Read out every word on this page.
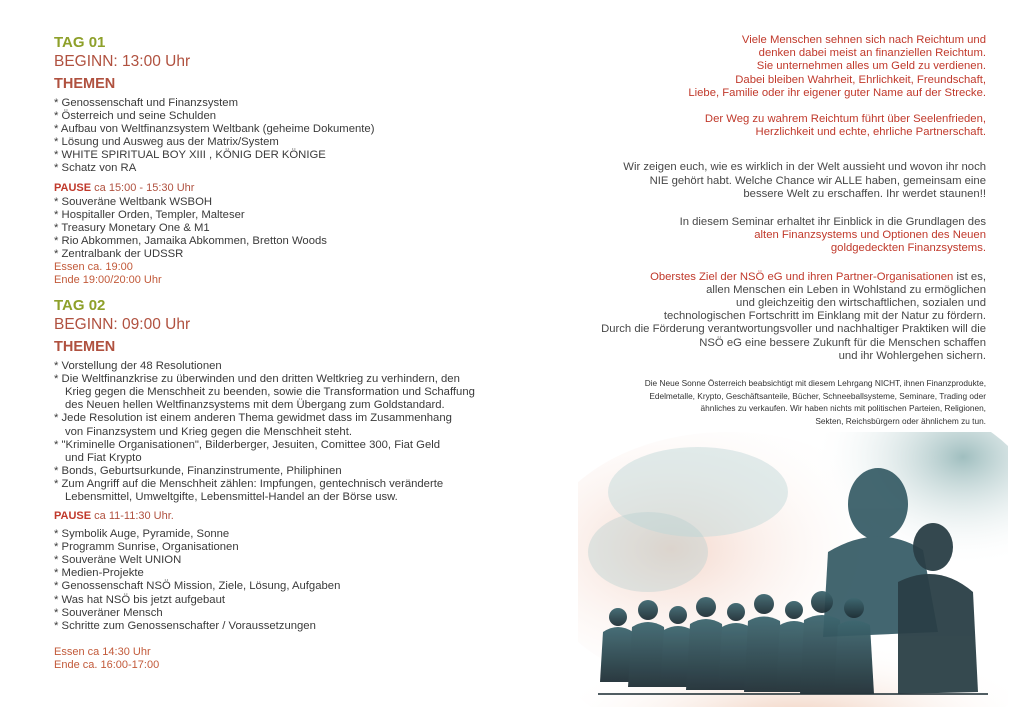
TAG 01

BEGINN: 13:00 Uhr

THEMEN

* Genossenschaft und Finanzsystem
* Österreich und seine Schulden
* Aufbau von Weltfinanzsystem Weltbank (geheime Dokumente)
* Lösung und Ausweg aus der Matrix/System
* WHITE SPIRITUAL BOY XIII , KÖNIG DER KÖNIGE
* Schatz von RA

PAUSE ca 15:00 - 15:30 Uhr

* Souveräne Weltbank WSBOH
* Hospitaller Orden, Templer, Malteser
* Treasury Monetary One & M1
* Rio Abkommen, Jamaika Abkommen, Bretton Woods
* Zentralbank der UDSSR

Essen ca. 19:00

Ende 19:00/20:00 Uhr

TAG 02

BEGINN: 09:00 Uhr

THEMEN

* Vorstellung der 48 Resolutionen
* Die Weltfinanzkrise zu überwinden und den dritten Weltkrieg zu verhindern, den
Krieg gegen die Menschheit zu beenden, sowie die Transformation und Schaffung
des Neuen hellen Weltfinanzsystems mit dem Übergang zum Goldstandard.
* Jede Resolution ist einem anderen Thema gewidmet dass im Zusammenhang
von Finanzsystem und Krieg gegen die Menschheit steht.
* "Kriminelle Organisationen", Bilderberger, Jesuiten, Comittee 300, Fiat Geld
und Fiat Krypto
* Bonds, Geburtsurkunde, Finanzinstrumente, Philiphinen
* Zum Angriff auf die Menschheit zählen: Impfungen, gentechnisch veränderte
Lebensmittel, Umweltgifte, Lebensmittel-Handel an der Börse usw.

PAUSE ca 11-11:30 Uhr.

* Symbolik Auge, Pyramide, Sonne
* Programm Sunrise, Organisationen
* Souveräne Welt UNION
* Medien-Projekte
* Genossenschaft NSÖ Mission, Ziele, Lösung, Aufgaben
* Was hat NSÖ bis jetzt aufgebaut
* Souveräner Mensch
* Schritte zum Genossenschafter / Voraussetzungen

Essen ca 14:30 Uhr

Ende ca. 16:00-17:00

Viele Menschen sehnen sich nach Reichtum und
denken dabei meist an finanziellen Reichtum.
Sie unternehmen alles um Geld zu verdienen.
Dabei bleiben Wahrheit, Ehrlichkeit, Freundschaft,
Liebe, Familie oder ihr eigener guter Name auf der Strecke.

Der Weg zu wahrem Reichtum führt über Seelenfrieden,
Herzlichkeit und echte, ehrliche Partnerschaft.

Wir zeigen euch, wie es wirklich in der Welt aussieht und wovon ihr noch
NIE gehört habt. Welche Chance wir ALLE haben, gemeinsam eine
bessere Welt zu erschaffen. Ihr werdet staunen!!

In diesem Seminar erhaltet ihr Einblick in die Grundlagen des
alten Finanzsystems und Optionen des Neuen
goldgedeckten Finanzsystems.

Oberstes Ziel der NSÖ eG und ihren Partner-Organisationen ist es,
allen Menschen ein Leben in Wohlstand zu ermöglichen
und gleichzeitig den wirtschaftlichen, sozialen und
technologischen Fortschritt im Einklang mit der Natur zu fördern.
Durch die Förderung verantwortungsvoller und nachhaltiger Praktiken will die
NSÖ eG eine bessere Zukunft für die Menschen schaffen
und ihr Wohlergehen sichern.

Die Neue Sonne Österreich beabsichtigt mit diesem Lehrgang NICHT, ihnen Finanzprodukte,
Edelmetalle, Krypto, Geschäftsanteile, Bücher, Schneeballsysteme, Seminare, Trading oder
ähnliches zu verkaufen. Wir haben nichts mit politischen Parteien, Religionen,
Sekten, Reichsbürgern oder ähnlichem zu tun.
